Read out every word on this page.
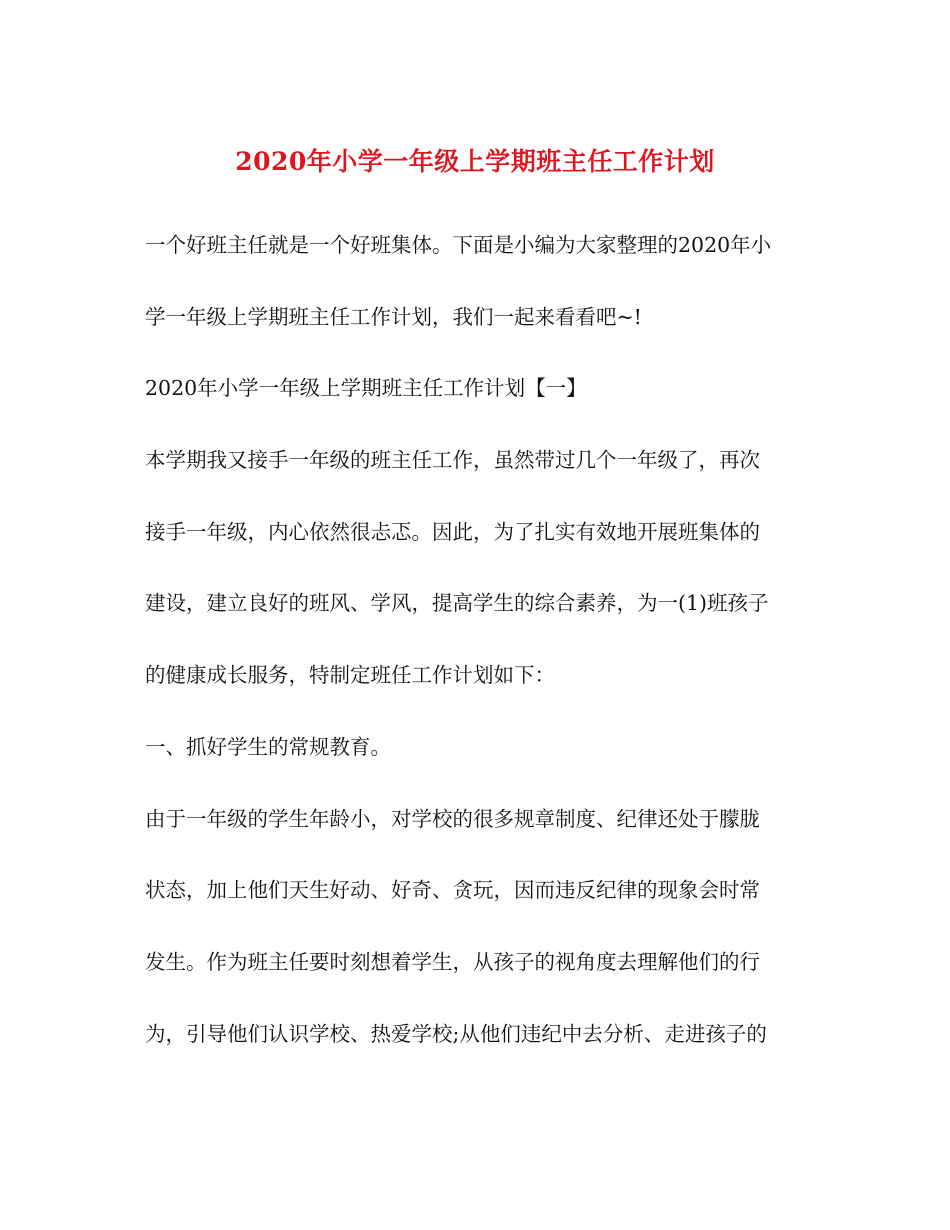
2020年小学一年级上学期班主任工作计划
一个好班主任就是一个好班集体。下面是小编为大家整理的2020年小
学一年级上学期班主任工作计划，我们一起来看看吧~!
2020年小学一年级上学期班主任工作计划【一】
本学期我又接手一年级的班主任工作，虽然带过几个一年级了，再次
接手一年级，内心依然很忐忑。因此，为了扎实有效地开展班集体的
建设，建立良好的班风、学风，提高学生的综合素养，为一(1)班孩子
的健康成长服务，特制定班任工作计划如下：
一、抓好学生的常规教育。
由于一年级的学生年龄小，对学校的很多规章制度、纪律还处于朦胧
状态，加上他们天生好动、好奇、贪玩，因而违反纪律的现象会时常
发生。作为班主任要时刻想着学生，从孩子的视角度去理解他们的行
为，引导他们认识学校、热爱学校;从他们违纪中去分析、走进孩子的
